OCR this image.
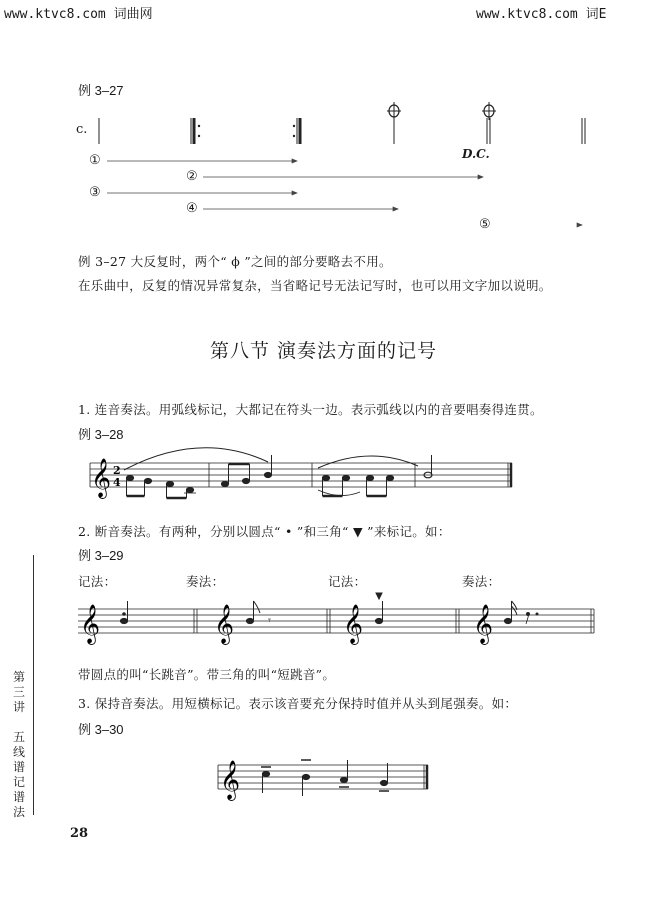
www.ktvc8.com 词曲网	www.ktvc8.com 词E
例 3–27
c.
D.C.
①
②
③
④
⑤
例 3–27 大反复时，两个“ ϕ ”之间的部分要略去不用。
在乐曲中，反复的情况异常复杂，当省略记号无法记写时，也可以用文字加以说明。
第八节 演奏法方面的记号
1. 连音奏法。用弧线标记，大都记在符头一边。表示弧线以内的音要唱奏得连贯。
例 3–28
𝄞 2
4
2. 断音奏法。有两种，分别以圆点“ • ”和三角“ ▼ ”来标记。如：
例 3–29
记法：	奏法：	记法：	奏法：
𝄞	𝄞	𝄞	𝄞
𝄾
带圆点的叫“长跳音”。带三角的叫“短跳音”。
3. 保持音奏法。用短横标记。表示该音要充分保持时值并从头到尾强奏。如：
例 3–30
𝄞
第三讲
五线谱记谱法
28
